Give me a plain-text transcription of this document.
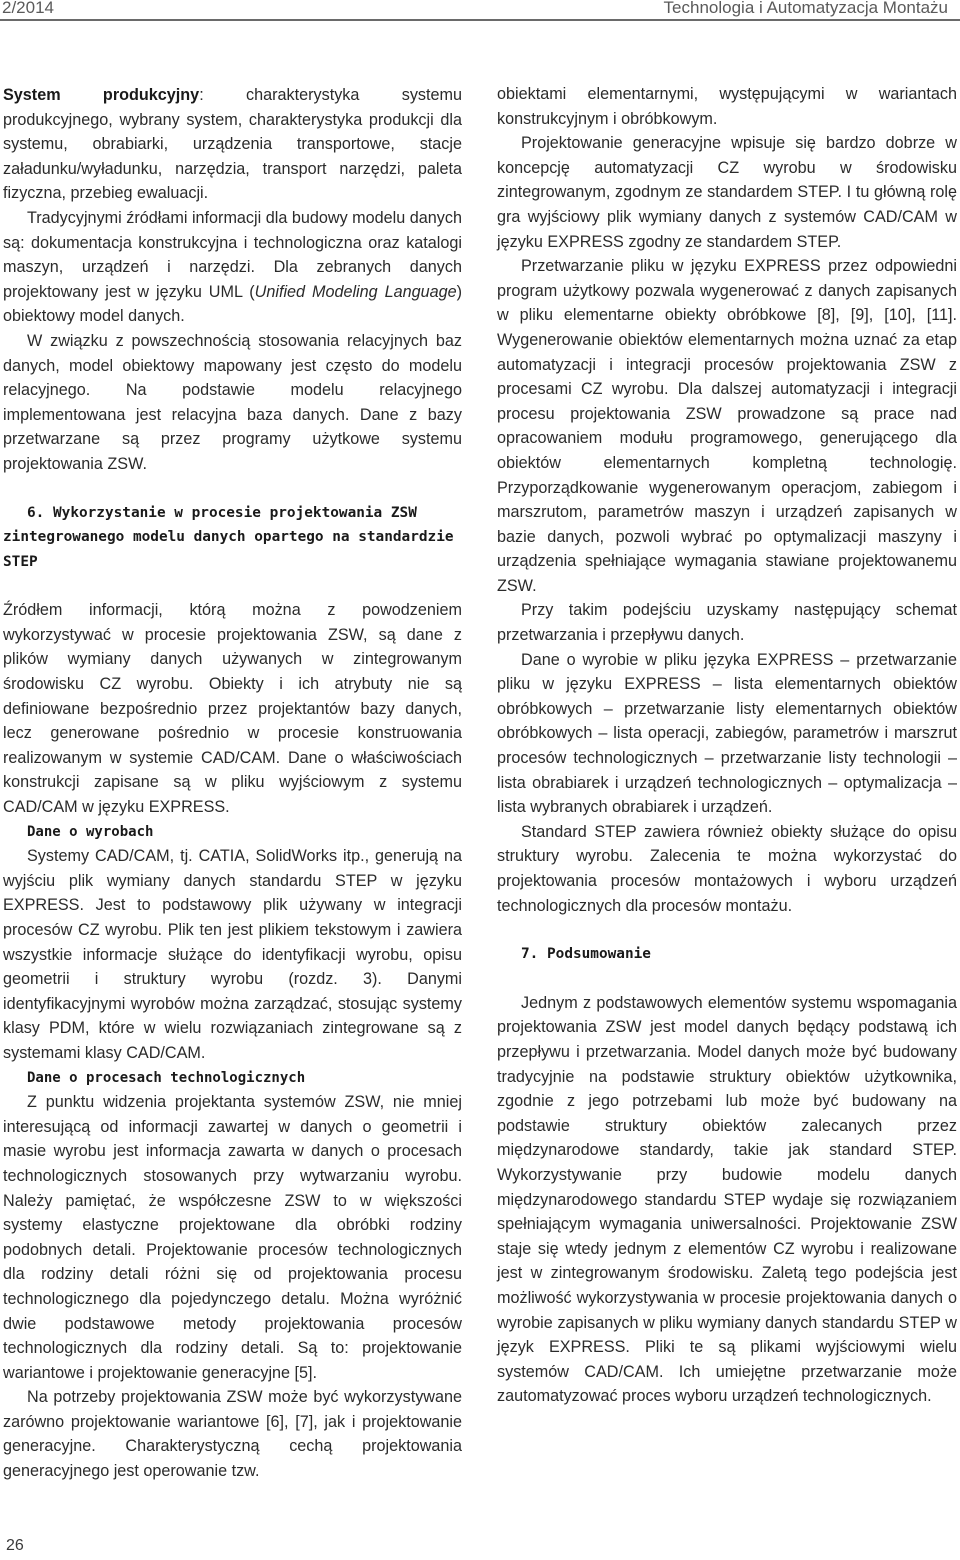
2/2014	Technologia i Automatyzacja Montażu

System produkcyjny: charakterystyka systemu produkcyjnego, wybrany system, charakterystyka produkcji dla systemu, obrabiarki, urządzenia transportowe, stacje załadunku/wyładunku, narzędzia, transport narzędzi, paleta fizyczna, przebieg ewaluacji.

Tradycyjnymi źródłami informacji dla budowy modelu danych są: dokumentacja konstrukcyjna i technologiczna oraz katalogi maszyn, urządzeń i narzędzi. Dla zebranych danych projektowany jest w języku UML (Unified Modeling Language) obiektowy model danych.

W związku z powszechnością stosowania relacyjnych baz danych, model obiektowy mapowany jest często do modelu relacyjnego. Na podstawie modelu relacyjnego implementowana jest relacyjna baza danych. Dane z bazy przetwarzane są przez programy użytkowe systemu projektowania ZSW.

6. Wykorzystanie w procesie projektowania ZSW zintegrowanego modelu danych opartego na standardzie STEP

Źródłem informacji, którą można z powodzeniem wykorzystywać w procesie projektowania ZSW, są dane z plików wymiany danych używanych w zintegrowanym środowisku CZ wyrobu. Obiekty i ich atrybuty nie są definiowane bezpośrednio przez projektantów bazy danych, lecz generowane pośrednio w procesie konstruowania realizowanym w systemie CAD/CAM. Dane o właściwościach konstrukcji zapisane są w pliku wyjściowym z systemu CAD/CAM w języku EXPRESS.

Dane o wyrobach

Systemy CAD/CAM, tj. CATIA, SolidWorks itp., generują na wyjściu plik wymiany danych standardu STEP w języku EXPRESS. Jest to podstawowy plik używany w integracji procesów CZ wyrobu. Plik ten jest plikiem tekstowym i zawiera wszystkie informacje służące do identyfikacji wyrobu, opisu geometrii i struktury wyrobu (rozdz. 3). Danymi identyfikacyjnymi wyrobów można zarządzać, stosując systemy klasy PDM, które w wielu rozwiązaniach zintegrowane są z systemami klasy CAD/CAM.

Dane o procesach technologicznych

Z punktu widzenia projektanta systemów ZSW, nie mniej interesującą od informacji zawartej w danych o geometrii i masie wyrobu jest informacja zawarta w danych o procesach technologicznych stosowanych przy wytwarzaniu wyrobu. Należy pamiętać, że współczesne ZSW to w większości systemy elastyczne projektowane dla obróbki rodziny podobnych detali. Projektowanie procesów technologicznych dla rodziny detali różni się od projektowania procesu technologicznego dla pojedynczego detalu. Można wyróżnić dwie podstawowe metody projektowania procesów technologicznych dla rodziny detali. Są to: projektowanie wariantowe i projektowanie generacyjne [5].

Na potrzeby projektowania ZSW może być wykorzystywane zarówno projektowanie wariantowe [6], [7], jak i projektowanie generacyjne. Charakterystyczną cechą projektowania generacyjnego jest operowanie tzw.

obiektami elementarnymi, występującymi w wariantach konstrukcyjnym i obróbkowym.

Projektowanie generacyjne wpisuje się bardzo dobrze w koncepcję automatyzacji CZ wyrobu w środowisku zintegrowanym, zgodnym ze standardem STEP. I tu główną rolę gra wyjściowy plik wymiany danych z systemów CAD/CAM w języku EXPRESS zgodny ze standardem STEP.

Przetwarzanie pliku w języku EXPRESS przez odpowiedni program użytkowy pozwala wygenerować z danych zapisanych w pliku elementarne obiekty obróbkowe [8], [9], [10], [11]. Wygenerowanie obiektów elementarnych można uznać za etap automatyzacji i integracji procesów projektowania ZSW z procesami CZ wyrobu. Dla dalszej automatyzacji i integracji procesu projektowania ZSW prowadzone są prace nad opracowaniem modułu programowego, generującego dla obiektów elementarnych kompletną technologię. Przyporządkowanie wygenerowanym operacjom, zabiegom i marszrutom, parametrów maszyn i urządzeń zapisanych w bazie danych, pozwoli wybrać po optymalizacji maszyny i urządzenia spełniające wymagania stawiane projektowanemu ZSW.

Przy takim podejściu uzyskamy następujący schemat przetwarzania i przepływu danych.

Dane o wyrobie w pliku języka EXPRESS – przetwarzanie pliku w języku EXPRESS – lista elementarnych obiektów obróbkowych – przetwarzanie listy elementarnych obiektów obróbkowych – lista operacji, zabiegów, parametrów i marszrut procesów technologicznych – przetwarzanie listy technologii – lista obrabiarek i urządzeń technologicznych – optymalizacja – lista wybranych obrabiarek i urządzeń.

Standard STEP zawiera również obiekty służące do opisu struktury wyrobu. Zalecenia te można wykorzystać do projektowania procesów montażowych i wyboru urządzeń technologicznych dla procesów montażu.

7. Podsumowanie

Jednym z podstawowych elementów systemu wspomagania projektowania ZSW jest model danych będący podstawą ich przepływu i przetwarzania. Model danych może być budowany tradycyjnie na podstawie struktury obiektów użytkownika, zgodnie z jego potrzebami lub może być budowany na podstawie struktury obiektów zalecanych przez międzynarodowe standardy, takie jak standard STEP. Wykorzystywanie przy budowie modelu danych międzynarodowego standardu STEP wydaje się rozwiązaniem spełniającym wymagania uniwersalności. Projektowanie ZSW staje się wtedy jednym z elementów CZ wyrobu i realizowane jest w zintegrowanym środowisku. Zaletą tego podejścia jest możliwość wykorzystywania w procesie projektowania danych o wyrobie zapisanych w pliku wymiany danych standardu STEP w język EXPRESS. Pliki te są plikami wyjściowymi wielu systemów CAD/CAM. Ich umiejętne przetwarzanie może zautomatyzować proces wyboru urządzeń technologicznych.

26
